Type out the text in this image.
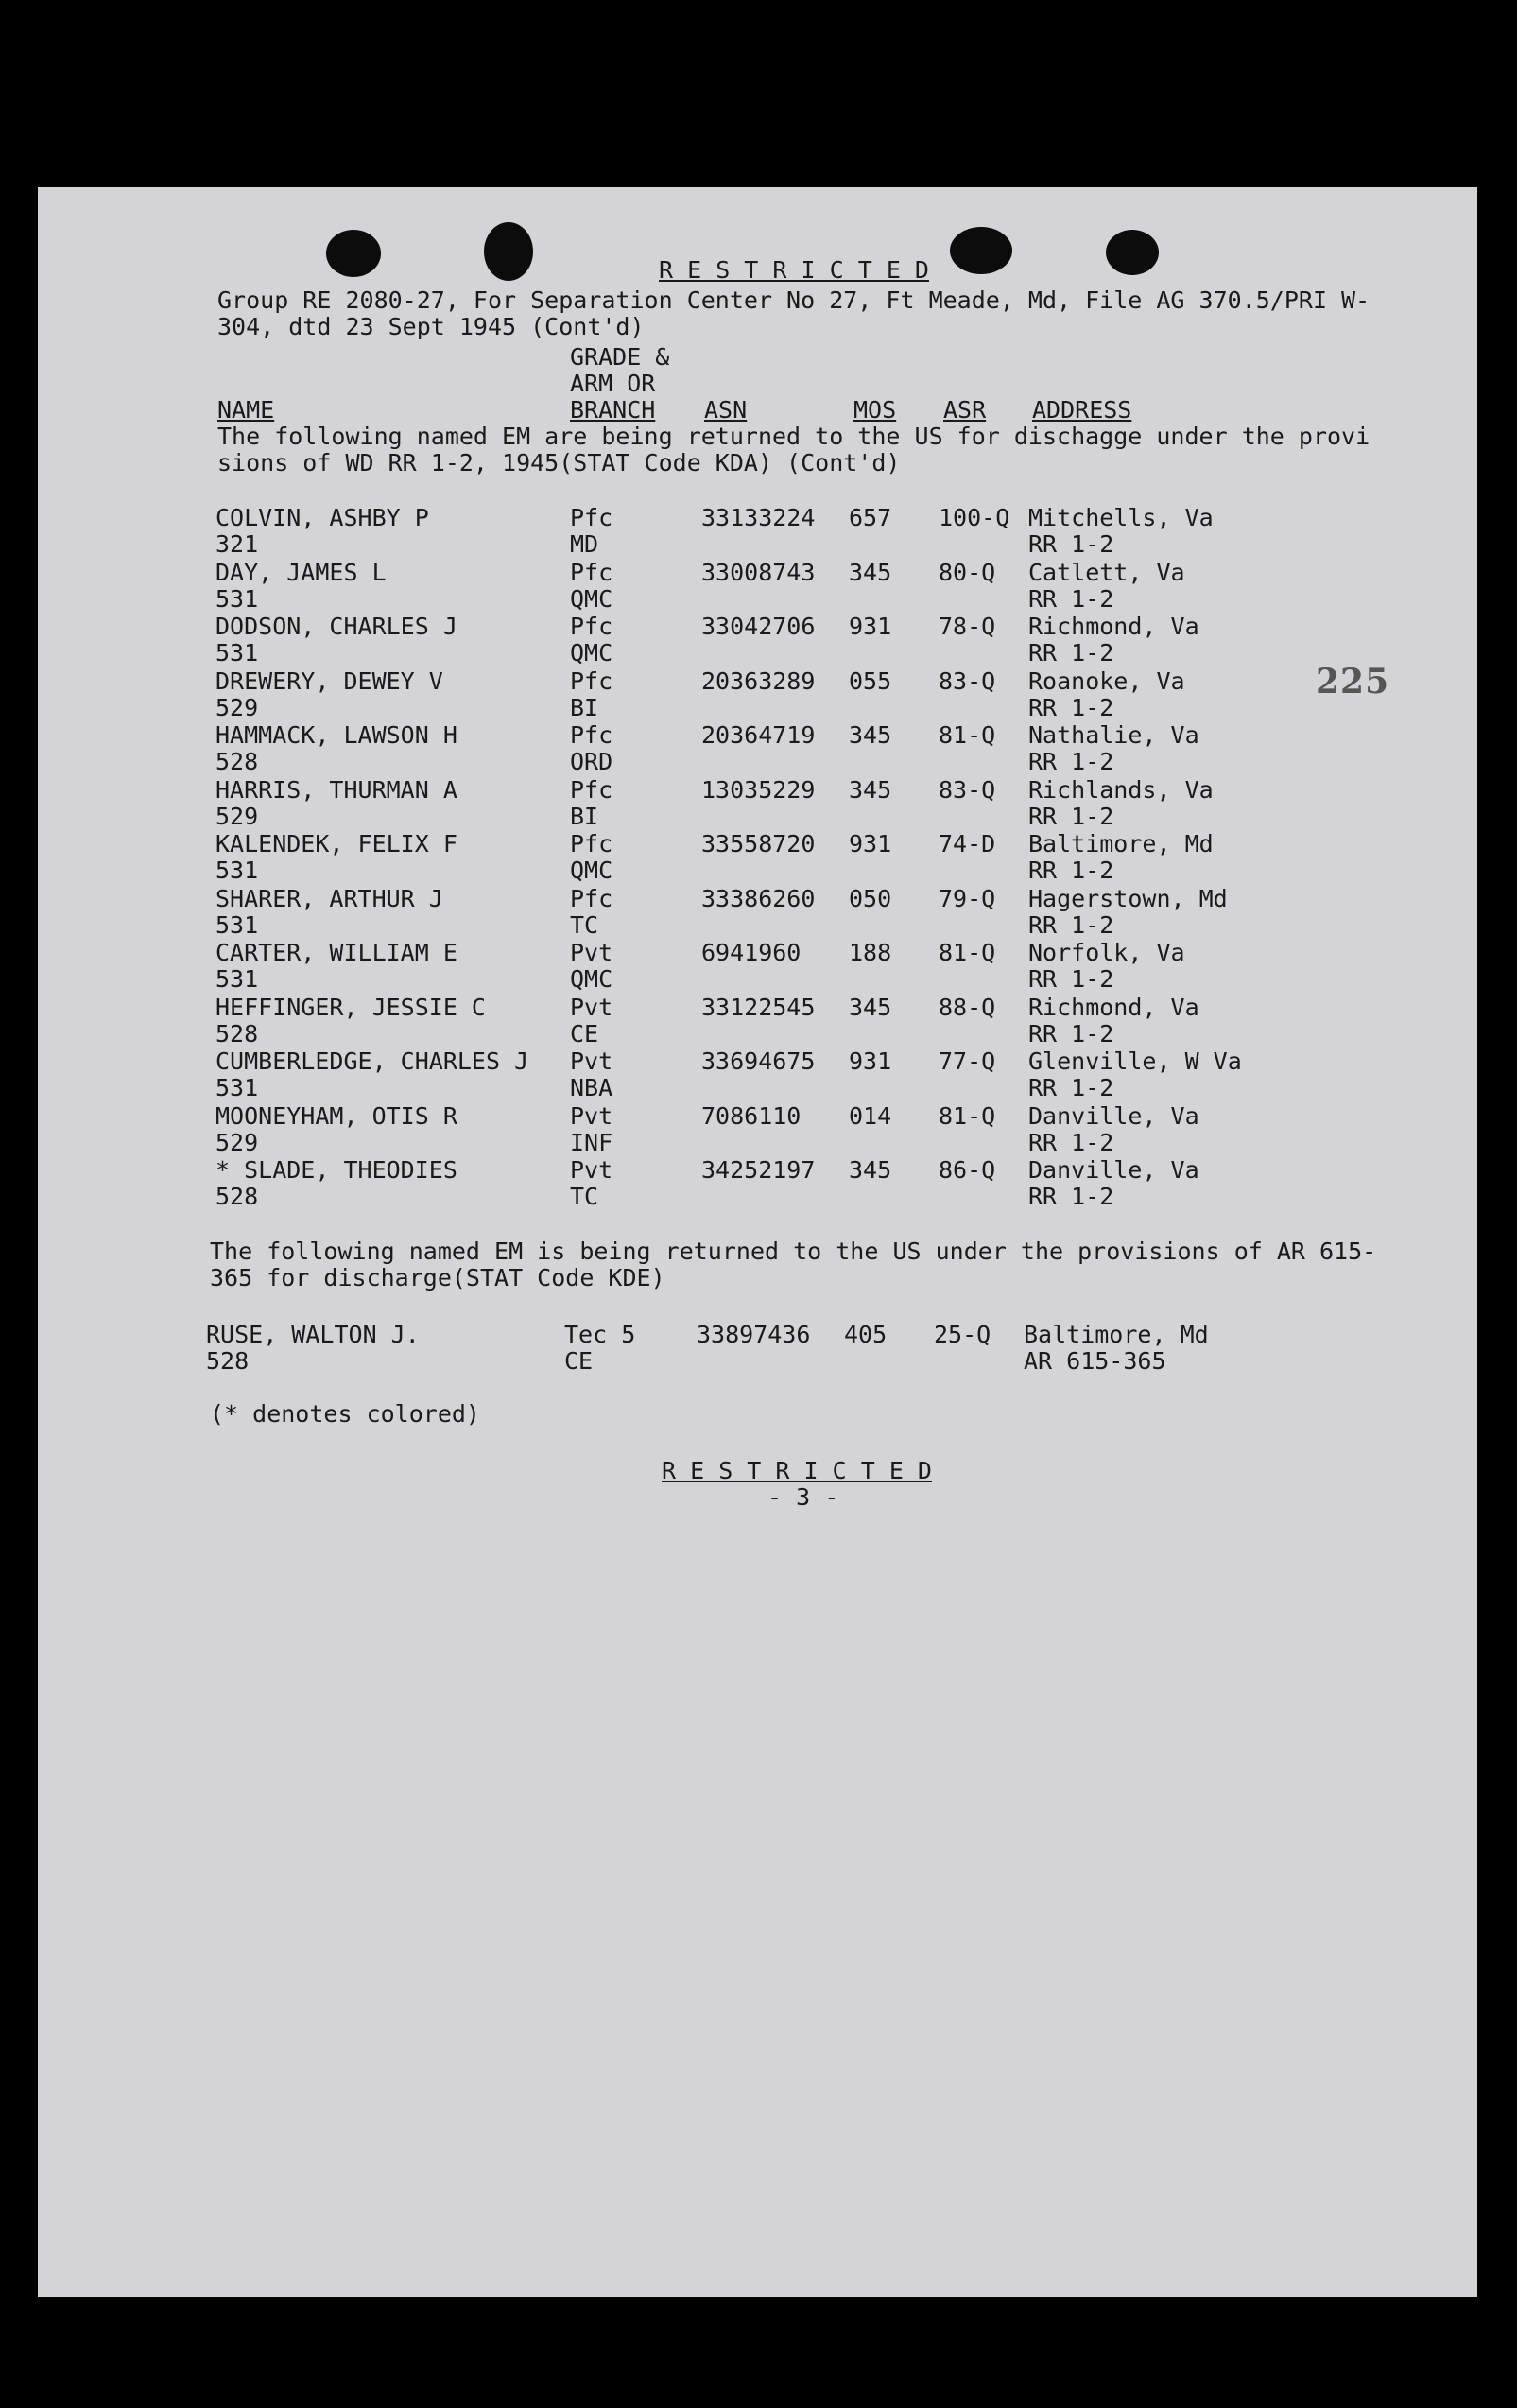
R E S T R I C T E D
Group RE 2080-27, For Separation Center No 27, Ft Meade, Md, File AG 370.5/PRI W-
304, dtd 23 Sept 1945 (Cont'd)
GRADE &
ARM OR
BRANCH
NAME	ASN	MOS ASR ADDRESS
The following named EM are being returned to the US for dischagge under the provi
sions of WD RR 1-2, 1945(STAT Code KDA) (Cont'd)
COLVIN, ASHBY P	Pfc	33133224 657 100-Q Mitchells, Va
321	MD	RR 1-2
DAY, JAMES L	Pfc	33008743 345 80-Q Catlett, Va
531	QMC	RR 1-2
DODSON, CHARLES J	Pfc	33042706 931 78-Q Richmond, Va
531	QMC	RR 1-2
DREWERY, DEWEY V	Pfc	20363289 055 83-Q Roanoke, Va
529	BI	RR 1-2
HAMMACK, LAWSON H	Pfc	20364719 345 81-Q Nathalie, Va
528	ORD	RR 1-2
HARRIS, THURMAN A	Pfc	13035229 345 83-Q Richlands, Va
529	BI	RR 1-2
KALENDEK, FELIX F	Pfc	33558720 931 74-D Baltimore, Md
531	QMC	RR 1-2
SHARER, ARTHUR J	Pfc	33386260 050 79-Q Hagerstown, Md
531	TC	RR 1-2
CARTER, WILLIAM E	Pvt	6941960 188 81-Q Norfolk, Va
531	QMC	RR 1-2
HEFFINGER, JESSIE C	Pvt	33122545 345 88-Q Richmond, Va
528	CE	RR 1-2
CUMBERLEDGE, CHARLES J Pvt	33694675 931 77-Q Glenville, W Va
531	NBA	RR 1-2
MOONEYHAM, OTIS R	Pvt	7086110 014 81-Q Danville, Va
529	INF	RR 1-2
* SLADE, THEODIES	Pvt	34252197 345 86-Q Danville, Va
528	TC	RR 1-2
The following named EM is being returned to the US under the provisions of AR 615-
365 for discharge(STAT Code KDE)
RUSE, WALTON J.	Tec 5	33897436 405 25-Q Baltimore, Md
528	CE	AR 615-365
(* denotes colored)
R E S T R I C T E D
- 3 -
225
